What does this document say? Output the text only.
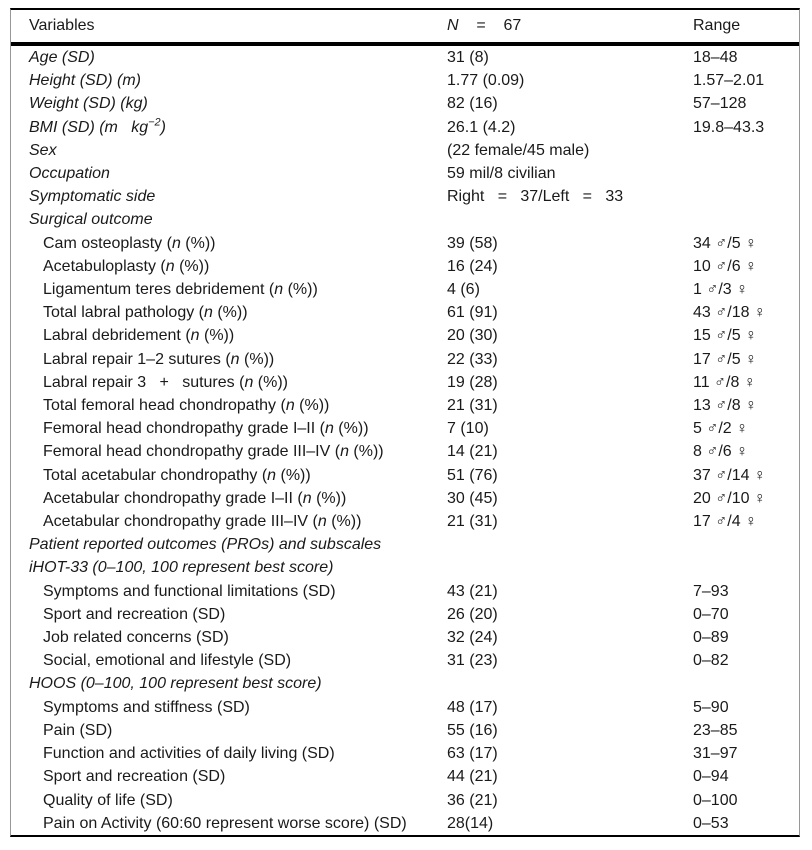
Variables	N    =    67	Range
Age (SD)	31 (8)	18–48
Height (SD) (m)	1.77 (0.09)	1.57–2.01
Weight (SD) (kg)	82 (16)	57–128
BMI (SD) (m   $kg^{-2}$)	26.1 (4.2)	19.8–43.3
Sex	(22 female/45 male)	
Occupation	59 mil/8 civilian	
Symptomatic side	Right   =   37/Left   =   33	
Surgical outcome		
Cam osteoplasty (n (%))	39 (58)	34 ♂/5 ♀
Acetabuloplasty (n (%))	16 (24)	10 ♂/6 ♀
Ligamentum teres debridement (n (%))	4 (6)	1 ♂/3 ♀
Total labral pathology (n (%))	61 (91)	43 ♂/18 ♀
Labral debridement (n (%))	20 (30)	15 ♂/5 ♀
Labral repair 1–2 sutures (n (%))	22 (33)	17 ♂/5 ♀
Labral repair 3   +   sutures (n (%))	19 (28)	11 ♂/8 ♀
Total femoral head chondropathy (n (%))	21 (31)	13 ♂/8 ♀
Femoral head chondropathy grade I–II (n (%))	7 (10)	5 ♂/2 ♀
Femoral head chondropathy grade III–IV (n (%))	14 (21)	8 ♂/6 ♀
Total acetabular chondropathy (n (%))	51 (76)	37 ♂/14 ♀
Acetabular chondropathy grade I–II (n (%))	30 (45)	20 ♂/10 ♀
Acetabular chondropathy grade III–IV (n (%))	21 (31)	17 ♂/4 ♀
Patient reported outcomes (PROs) and subscales		
iHOT-33 (0–100, 100 represent best score)		
Symptoms and functional limitations (SD)	43 (21)	7–93
Sport and recreation (SD)	26 (20)	0–70
Job related concerns (SD)	32 (24)	0–89
Social, emotional and lifestyle (SD)	31 (23)	0–82
HOOS (0–100, 100 represent best score)		
Symptoms and stiffness (SD)	48 (17)	5–90
Pain (SD)	55 (16)	23–85
Function and activities of daily living (SD)	63 (17)	31–97
Sport and recreation (SD)	44 (21)	0–94
Quality of life (SD)	36 (21)	0–100
Pain on Activity (60:60 represent worse score) (SD)	28(14)	0–53
